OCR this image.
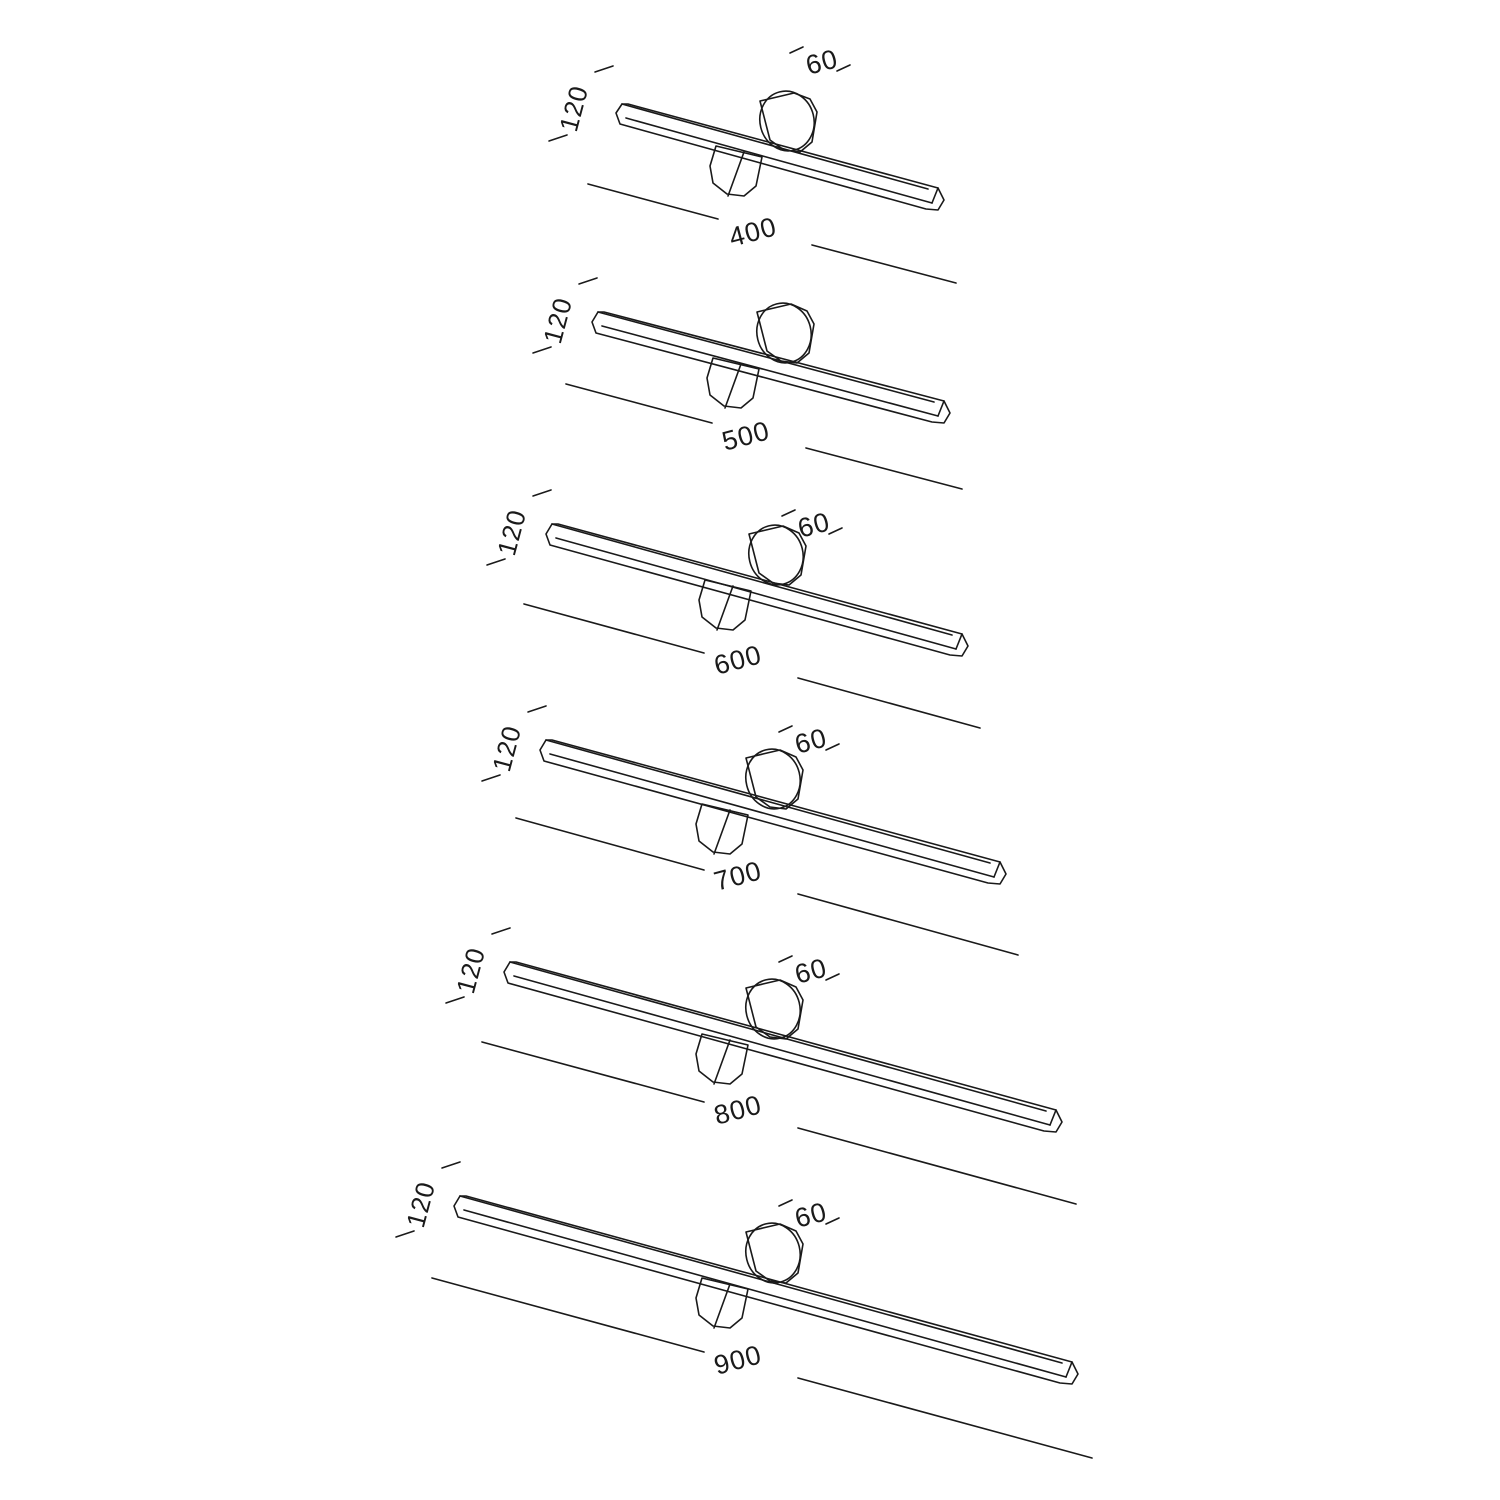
120
60
400
120
500
120	60
600
120	60
700
120	60
800
120	60
900
